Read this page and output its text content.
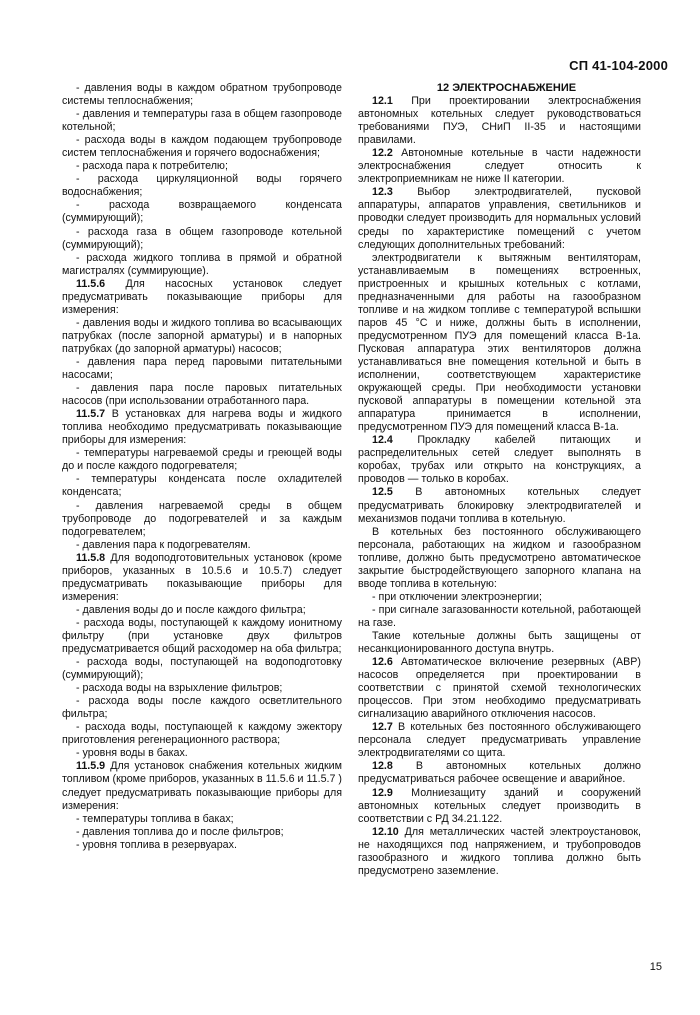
СП 41-104-2000

- давления воды в каждом обратном трубопроводе системы теплоснабжения;

- давления и температуры газа в общем газопроводе котельной;

- расхода воды в каждом подающем трубопроводе систем теплоснабжения и горячего водоснабжения;

- расхода пара к потребителю;

- расхода циркуляционной воды горячего водоснабжения;

- расхода возвращаемого конденсата (суммирующий);

- расхода газа в общем газопроводе котельной (суммирующий);

- расхода жидкого топлива в прямой и обратной магистралях (суммирующие).

11.5.6 Для насосных установок следует предусматривать показывающие приборы для измерения:

- давления воды и жидкого топлива во всасывающих патрубках (после запорной арматуры) и в напорных патрубках (до запорной арматуры) насосов;

- давления пара перед паровыми питательными насосами;

- давления пара после паровых питательных насосов (при использовании отработанного пара.

11.5.7 В установках для нагрева воды и жидкого топлива необходимо предусматривать показывающие приборы для измерения:

- температуры нагреваемой среды и греющей воды до и после каждого подогревателя;

- температуры конденсата после охладителей конденсата;

- давления нагреваемой среды в общем трубопроводе до подогревателей и за каждым подогревателем;

- давления пара к подогревателям.

11.5.8 Для водоподготовительных установок (кроме приборов, указанных в 10.5.6 и 10.5.7) следует предусматривать показывающие приборы для измерения:

- давления воды до и после каждого фильтра;

- расхода воды, поступающей к каждому ионитному фильтру (при установке двух фильтров предусматривается общий расходомер на оба фильтра;

- расхода воды, поступающей на водоподготовку (суммирующий);

- расхода воды на взрыхление фильтров;

- расхода воды после каждого осветлительного фильтра;

- расхода воды, поступающей к каждому эжектору приготовления регенерационного раствора;

- уровня воды в баках.

11.5.9 Для установок снабжения котельных жидким топливом (кроме приборов, указанных в 11.5.6 и 11.5.7 ) следует предусматривать показывающие приборы для измерения:

- температуры топлива в баках;

- давления топлива до и после фильтров;

- уровня топлива в резервуарах.

12 ЭЛЕКТРОСНАБЖЕНИЕ

12.1 При проектировании электроснабжения автономных котельных следует руководствоваться требованиями ПУЭ, СНиП II-35 и настоящими правилами.

12.2 Автономные котельные в части надежности электроснабжения следует относить к электроприемникам не ниже II категории.

12.3 Выбор электродвигателей, пусковой аппаратуры, аппаратов управления, светильников и проводки следует производить для нормальных условий среды по характеристике помещений с учетом следующих дополнительных требований:

электродвигатели к вытяжным вентиляторам, устанавливаемым в помещениях встроенных, пристроенных и крышных котельных с котлами, предназначенными для работы на газообразном топливе и на жидком топливе с температурой вспышки паров 45 °С и ниже, должны быть в исполнении, предусмотренном ПУЭ для помещений класса В-1а. Пусковая аппаратура этих вентиляторов должна устанавливаться вне помещения котельной и быть в исполнении, соответствующем характеристике окружающей среды. При необходимости установки пусковой аппаратуры в помещении котельной эта аппаратура принимается в исполнении, предусмотренном ПУЭ для помещений класса В-1а.

12.4 Прокладку кабелей питающих и распределительных сетей следует выполнять в коробах, трубах или открыто на конструкциях, а проводов — только в коробах.

12.5 В автономных котельных следует предусматривать блокировку электродвигателей и механизмов подачи топлива в котельную.

В котельных без постоянного обслуживающего персонала, работающих на жидком и газообразном топливе, должно быть предусмотрено автоматическое закрытие быстродействующего запорного клапана на вводе топлива в котельную:

- при отключении электроэнергии;

- при сигнале загазованности котельной, работающей на газе.

Такие котельные должны быть защищены от несанкционированного доступа внутрь.

12.6 Автоматическое включение резервных (АВР) насосов определяется при проектировании в соответствии с принятой схемой технологических процессов. При этом необходимо предусматривать сигнализацию аварийного отключения насосов.

12.7 В котельных без постоянного обслуживающего персонала следует предусматривать управление электродвигателями со щита.

12.8 В автономных котельных должно предусматриваться рабочее освещение и аварийное.

12.9 Молниезащиту зданий и сооружений автономных котельных следует производить в соответствии с РД 34.21.122.

12.10 Для металлических частей электроустановок, не находящихся под напряжением, и трубопроводов газообразного и жидкого топлива должно быть предусмотрено заземление.

15
